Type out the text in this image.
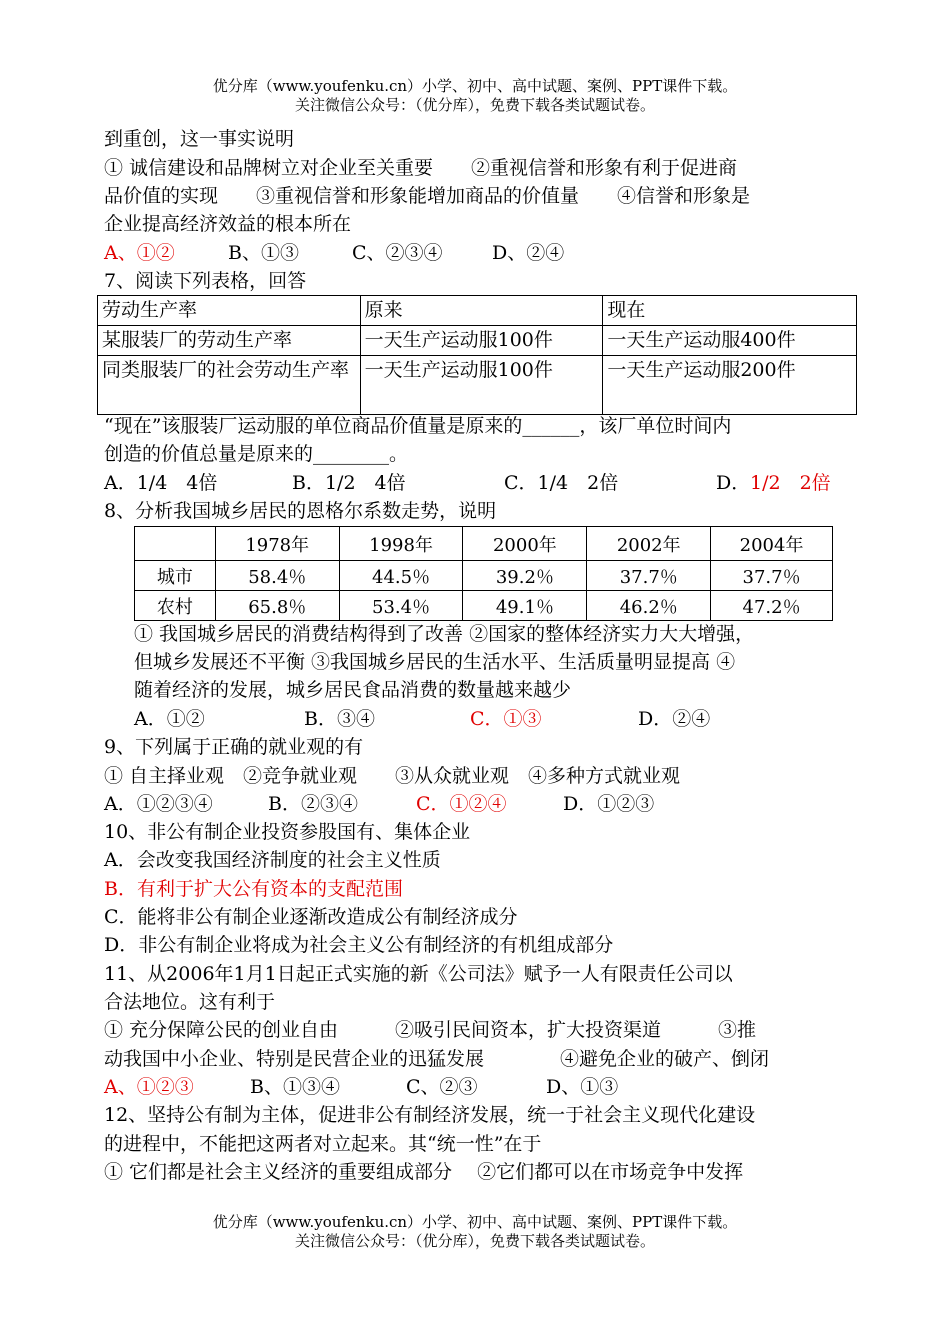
优分库（www.youfenku.cn）小学、初中、高中试题、案例、PPT课件下载。
关注微信公众号：（优分库），免费下载各类试题试卷。
到重创，这一事实说明
① 诚信建设和品牌树立对企业至关重要　　②重视信誉和形象有利于促进商
品价值的实现　　③重视信誉和形象能增加商品的价值量　　④信誉和形象是
企业提高经济效益的根本所在
A、①②	B、①③	C、②③④	D、②④
7、阅读下列表格，回答
劳动生产率	原来	现在
某服装厂的劳动生产率	一天生产运动服100件	一天生产运动服400件
同类服装厂的社会劳动生产率	一天生产运动服100件	一天生产运动服200件
“现在”该服装厂运动服的单位商品价值量是原来的______，该厂单位时间内
创造的价值总量是原来的________。
A．1/4　4倍	B．1/2　4倍	C．1/4　2倍	D． 1/2　2倍
8、分析我国城乡居民的恩格尔系数走势，说明
	1978年	1998年	2000年	2002年	2004年
城市	58.4％	44.5％	39.2％	37.7％	37.7％
农村	65.8％	53.4％	49.1％	46.2％	47.2％
① 我国城乡居民的消费结构得到了改善 ②国家的整体经济实力大大增强，
但城乡发展还不平衡 ③我国城乡居民的生活水平、生活质量明显提高 ④
随着经济的发展，城乡居民食品消费的数量越来越少
A．①②	B．③④	C．①③	D．②④
9、下列属于正确的就业观的有
① 自主择业观　②竞争就业观　　③从众就业观　④多种方式就业观
A．①②③④	B．②③④	C．①②④	D．①②③
10、非公有制企业投资参股国有、集体企业
A．会改变我国经济制度的社会主义性质
B．有利于扩大公有资本的支配范围
C．能将非公有制企业逐渐改造成公有制经济成分
D．非公有制企业将成为社会主义公有制经济的有机组成部分
11、从2006年1月1日起正式实施的新《公司法》赋予一人有限责任公司以
合法地位。这有利于
① 充分保障公民的创业自由　　　②吸引民间资本，扩大投资渠道　　　③推
动我国中小企业、特别是民营企业的迅猛发展　　　　④避免企业的破产、倒闭
A、①②③	B、①③④	C、②③	D、①③
12、坚持公有制为主体，促进非公有制经济发展，统一于社会主义现代化建设
的进程中，不能把这两者对立起来。其“统一性”在于
① 它们都是社会主义经济的重要组成部分　 ②它们都可以在市场竞争中发挥
优分库（www.youfenku.cn）小学、初中、高中试题、案例、PPT课件下载。
关注微信公众号：（优分库），免费下载各类试题试卷。
